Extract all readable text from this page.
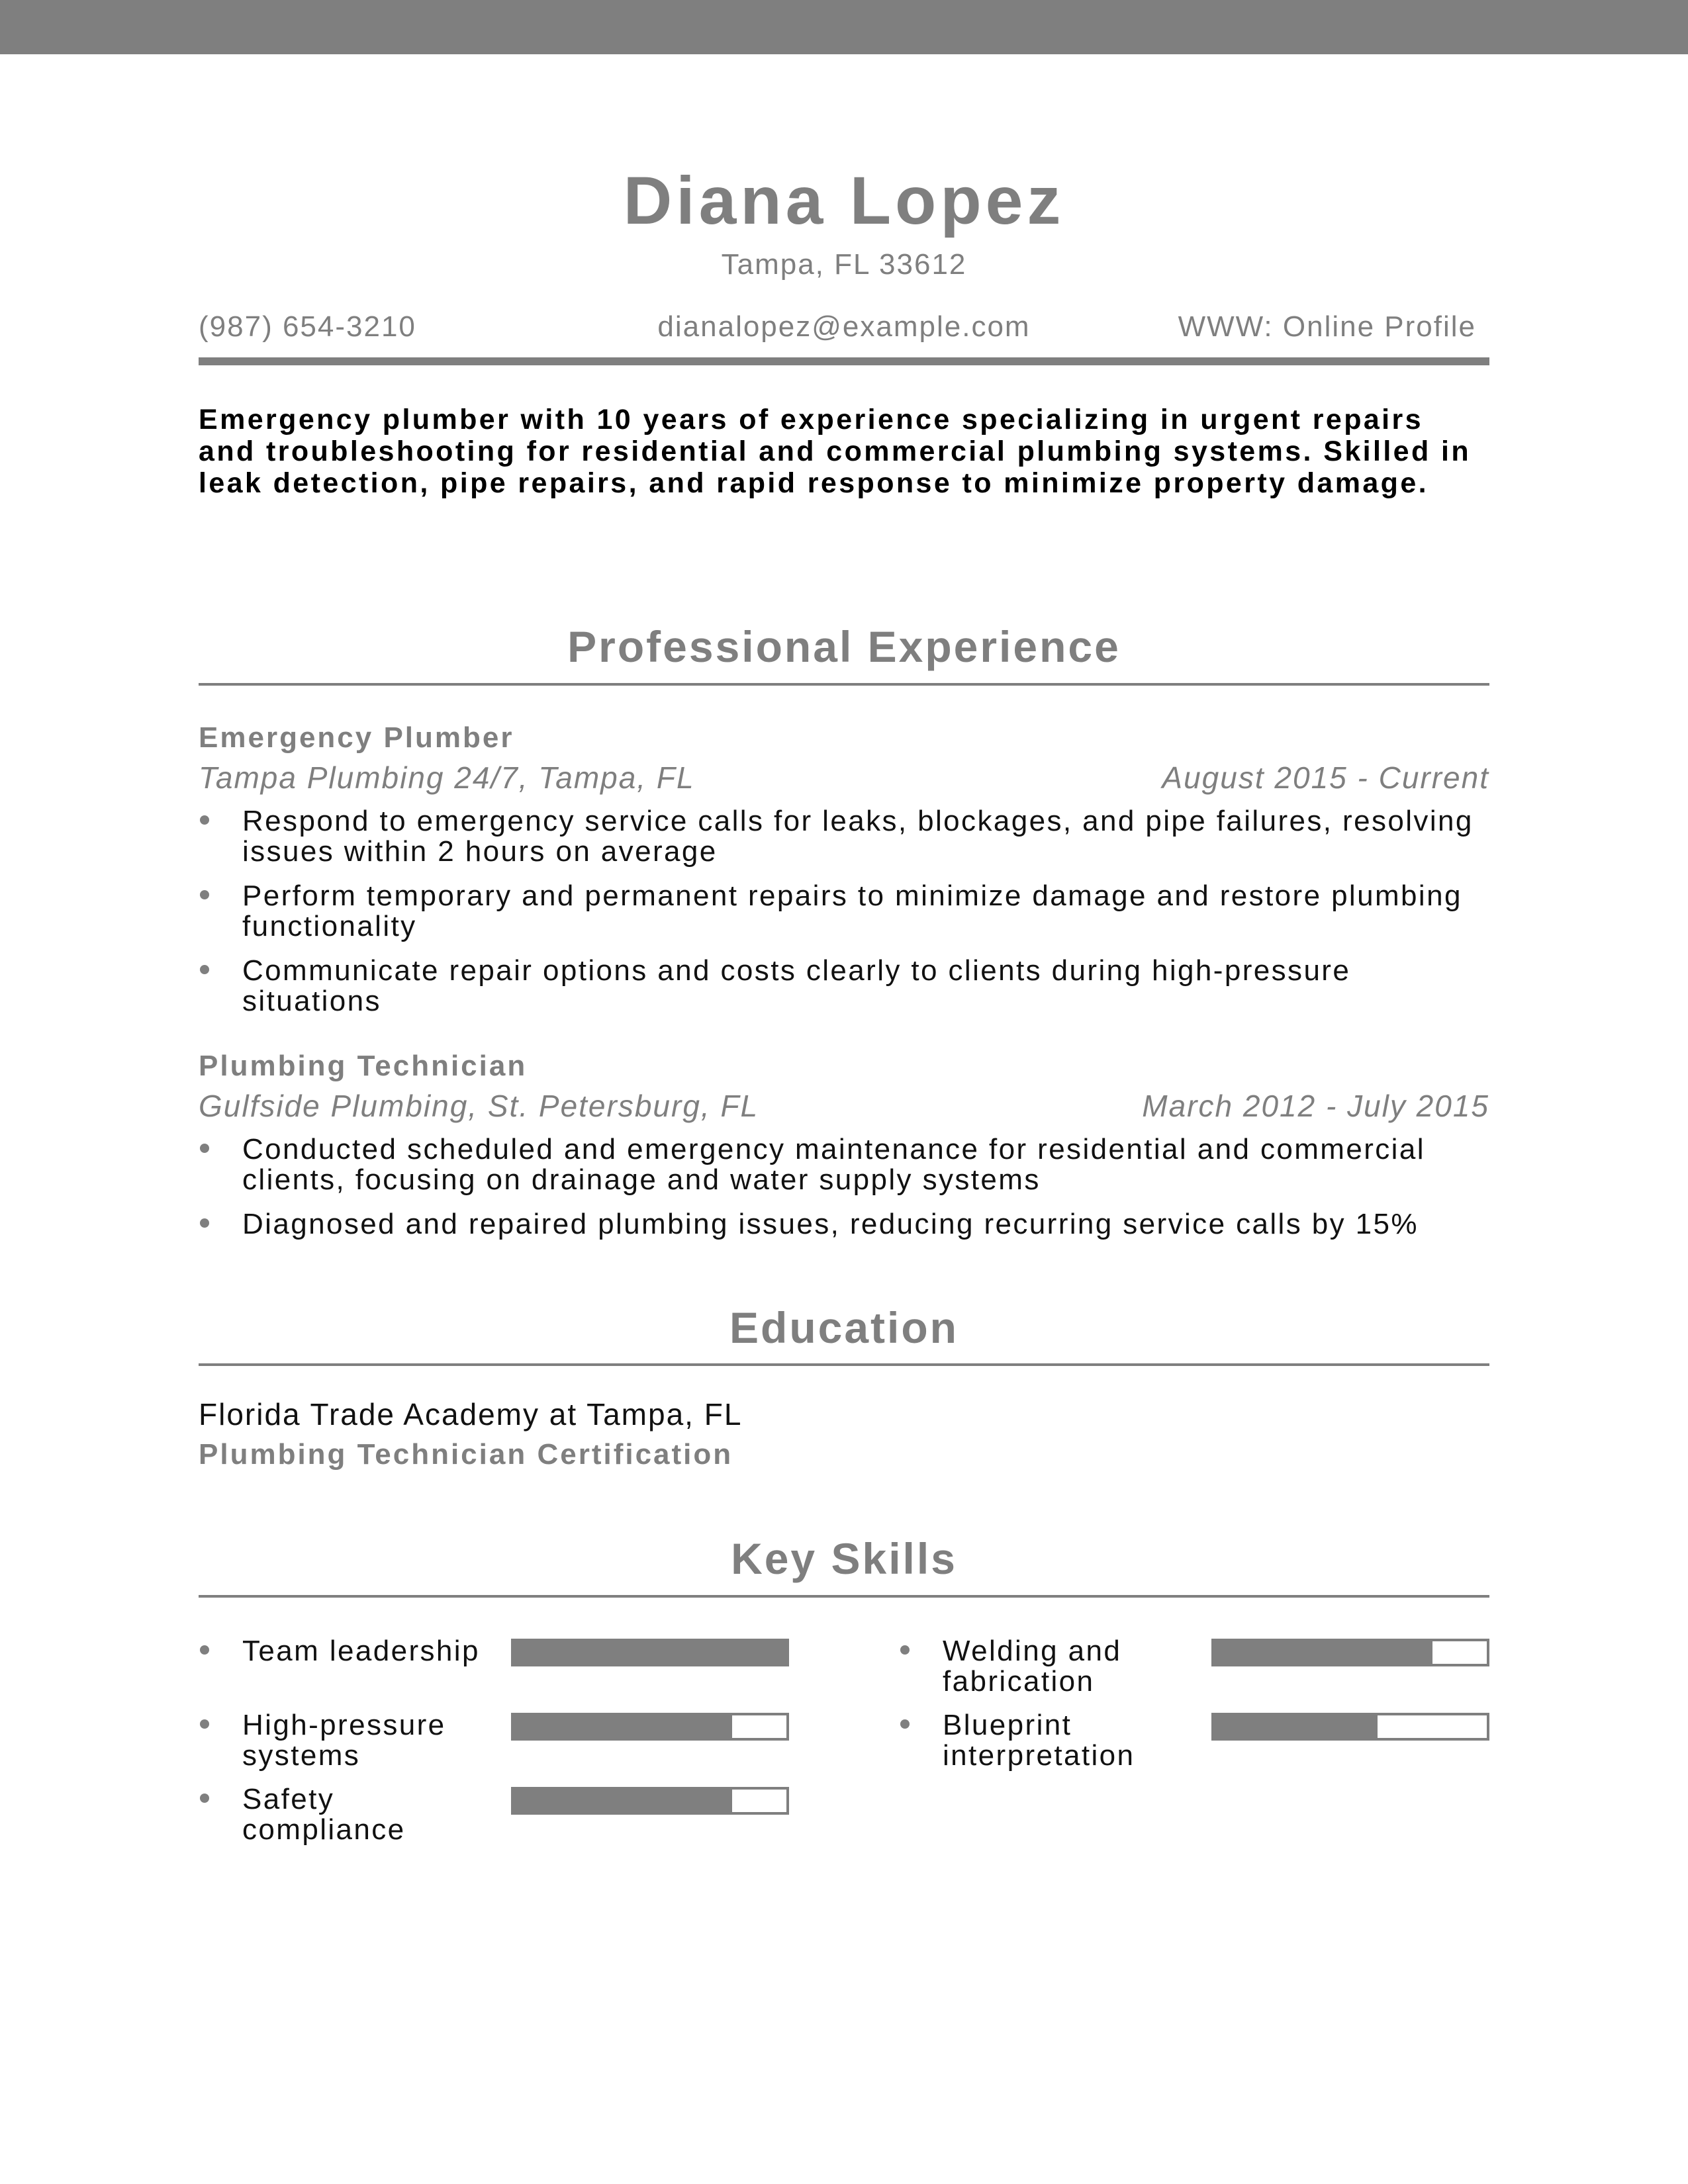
Diana Lopez
Tampa, FL 33612
(987) 654-3210	dianalopez@example.com	WWW: Online Profile
Emergency plumber with 10 years of experience specializing in urgent repairs and troubleshooting for residential and commercial plumbing systems. Skilled in leak detection, pipe repairs, and rapid response to minimize property damage.
Professional Experience
Emergency Plumber
Tampa Plumbing 24/7, Tampa, FL	August 2015 - Current
Respond to emergency service calls for leaks, blockages, and pipe failures, resolving issues within 2 hours on average
Perform temporary and permanent repairs to minimize damage and restore plumbing functionality
Communicate repair options and costs clearly to clients during high-pressure situations
Plumbing Technician
Gulfside Plumbing, St. Petersburg, FL	March 2012 - July 2015
Conducted scheduled and emergency maintenance for residential and commercial clients, focusing on drainage and water supply systems
Diagnosed and repaired plumbing issues, reducing recurring service calls by 15%
Education
Florida Trade Academy at Tampa, FL
Plumbing Technician Certification
Key Skills
Team leadership	Welding and fabrication
High-pressure systems
Blueprint interpretation
Safety compliance
